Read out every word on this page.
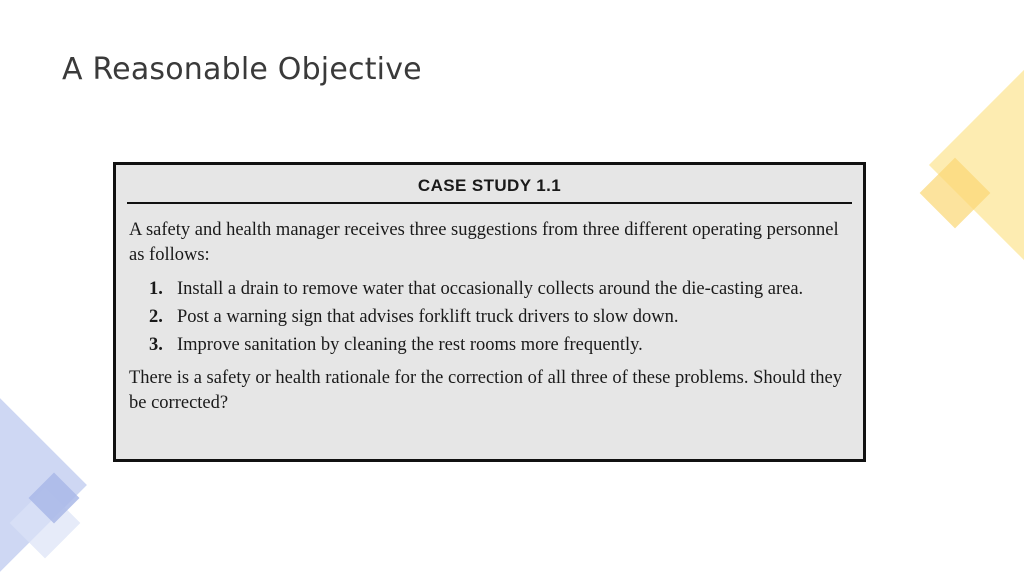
A Reasonable Objective
CASE STUDY 1.1

A safety and health manager receives three suggestions from three different operating personnel as follows:

1. Install a drain to remove water that occasionally collects around the die-casting area.
2. Post a warning sign that advises forklift truck drivers to slow down.
3. Improve sanitation by cleaning the rest rooms more frequently.

There is a safety or health rationale for the correction of all three of these problems. Should they be corrected?
